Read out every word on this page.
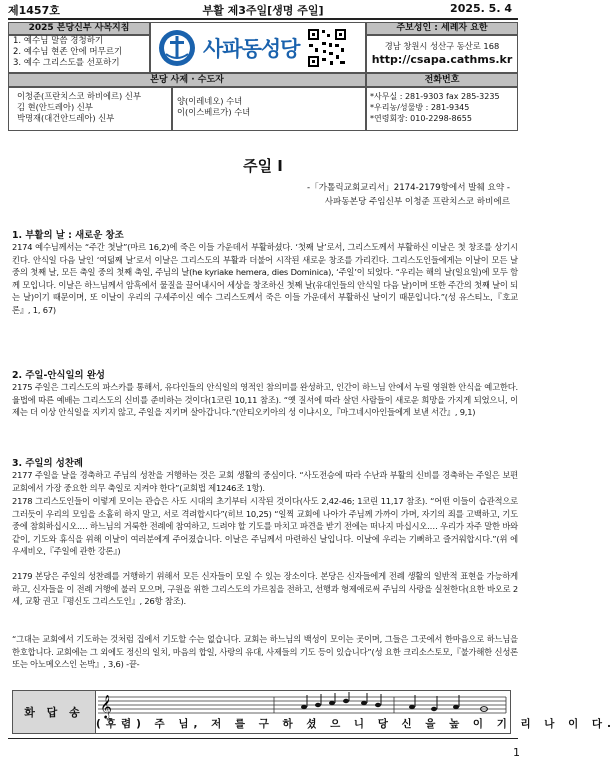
제1457호	부활 제3주일[생명 주일]	2025. 5. 4
2025 본당신부 사목지침
1. 예수님 말씀 경청하기
2. 예수님 현존 안에 머무르기
3. 예수 그리스도를 선포하기
사파동성당
주보성인 : 세례자 요한
경남 창원시 성산구 동산로 168
http://csapa.cathms.kr
본당 사제 · 수도자	전화번호
이청준(프란치스코 하비에르) 신부
김 현(안드레아) 신부
박명재(대건안드레아) 신부
양(이레네오) 수녀
이(이스베르가) 수녀
*사무실 : 281-9303 fax 285-3235
*우리농/성물방 : 281-9345
*연령회장: 010-2298-8655
주일 Ⅰ
-「가톨릭교회교리서」2174-2179항에서 발췌 요약 -
사파동본당 주임신부 이청준 프란치스코 하비에르
1. 부활의 날 : 새로운 창조
2174 예수님께서는 “주간 첫날”(마르 16,2)에 죽은 이들 가운데서 부활하셨다. ‘첫째 날’로서, 그리스도께서 부활하신 이날은 첫 창조를 상기시킨다. 안식일 다음 날인 ‘여덟째 날’로서 이날은 그리스도의 부활과 더불어 시작된 새로운 창조를 가리킨다. 그리스도인들에게는 이날이 모든 날 중의 첫째 날, 모든 축일 중의 첫째 축일, 주님의 날(he kyriake hemera, dies Dominica), ‘주일’이 되었다. “우리는 해의 날(일요일)에 모두 함께 모입니다. 이날은 하느님께서 암흑에서 물질을 끌어내시어 세상을 창조하신 첫째 날(유대인들의 안식일 다음 날)이며 또한 주간의 첫째 날이 되는 날)이기 때문이며, 또 이날이 우리의 구세주이신 예수 그리스도께서 죽은 이들 가운데서 부활하신 날이기 때문입니다.”(성 유스티노,『호교론』, 1, 67)
2. 주일-안식일의 완성
2175 주일은 그리스도의 파스카를 통해서, 유다인들의 안식일의 영적인 참의미를 완성하고, 인간이 하느님 안에서 누릴 영원한 안식을 예고한다. 율법에 따른 예배는 그리스도의 신비를 준비하는 것이다(1코린 10,11 참조). “옛 질서에 따라 살던 사람들이 새로운 희망을 가지게 되었으니, 이제는 더 이상 안식일을 지키지 않고, 주일을 지키며 살아갑니다.”(안티오키아의 성 이냐시오,『마그네시아인들에게 보낸 서간』, 9,1)
3. 주일의 성찬례
2177 주일을 날을 경축하고 주님의 성찬을 거행하는 것은 교회 생활의 중심이다. “사도전승에 따라 수난과 부활의 신비를 경축하는 주일은 보편 교회에서 가장 중요한 의무 축일로 지켜야 한다”(교회법 제1246조 1항).
2178 그리스도인들이 이렇게 모이는 관습은 사도 시대의 초기부터 시작된 것이다(사도 2,42-46; 1코린 11,17 참조). “어떤 이들이 습관적으로 그러듯이 우리의 모임을 소홀히 하지 말고, 서로 격려합시다”(히브 10,25) “일찍 교회에 나아가 주님께 가까이 가며, 자기의 죄를 고백하고, 기도 중에 참회하십시오.… 하느님의 거룩한 전례에 참여하고, 드려야 할 기도를 마치고 파견을 받기 전에는 떠나지 마십시오.… 우리가 자주 말한 바와 같이, 기도와 휴식을 위해 이날이 여러분에게 주어졌습니다. 이날은 주님께서 마련하신 날입니다. 이날에 우리는 기뻐하고 즐거워합시다.”(위 에우세비오,『주일에 관한 강론』)
2179 본당은 주일의 성찬례를 거행하기 위해서 모든 신자들이 모일 수 있는 장소이다. 본당은 신자들에게 전례 생활의 일반적 표현을 가능하게 하고, 신자들을 이 전례 거행에 불러 모으며, 구원을 위한 그리스도의 가르침을 전하고, 선행과 형제애로써 주님의 사랑을 실천한다(요한 바오로 2세, 교황 권고『평신도 그리스도인』, 26항 참조).
“그대는 교회에서 기도하는 것처럼 집에서 기도할 수는 없습니다. 교회는 하느님의 백성이 모이는 곳이며, 그들은 그곳에서 한마음으로 하느님을 한호합니다. 교회에는 그 외에도 정신의 일치, 마음의 합일, 사랑의 유대, 사제들의 기도 등이 있습니다”(성 요한 크리소스토모,『불가해한 신성론 또는 아노메오스인 논박』, 3,6) -끝-
화 답 송 𝄞
(후렴) 주 님, 저 를 구 하 셨 으 니 당 신 을 높 이 기 리 나 이 다.
1
